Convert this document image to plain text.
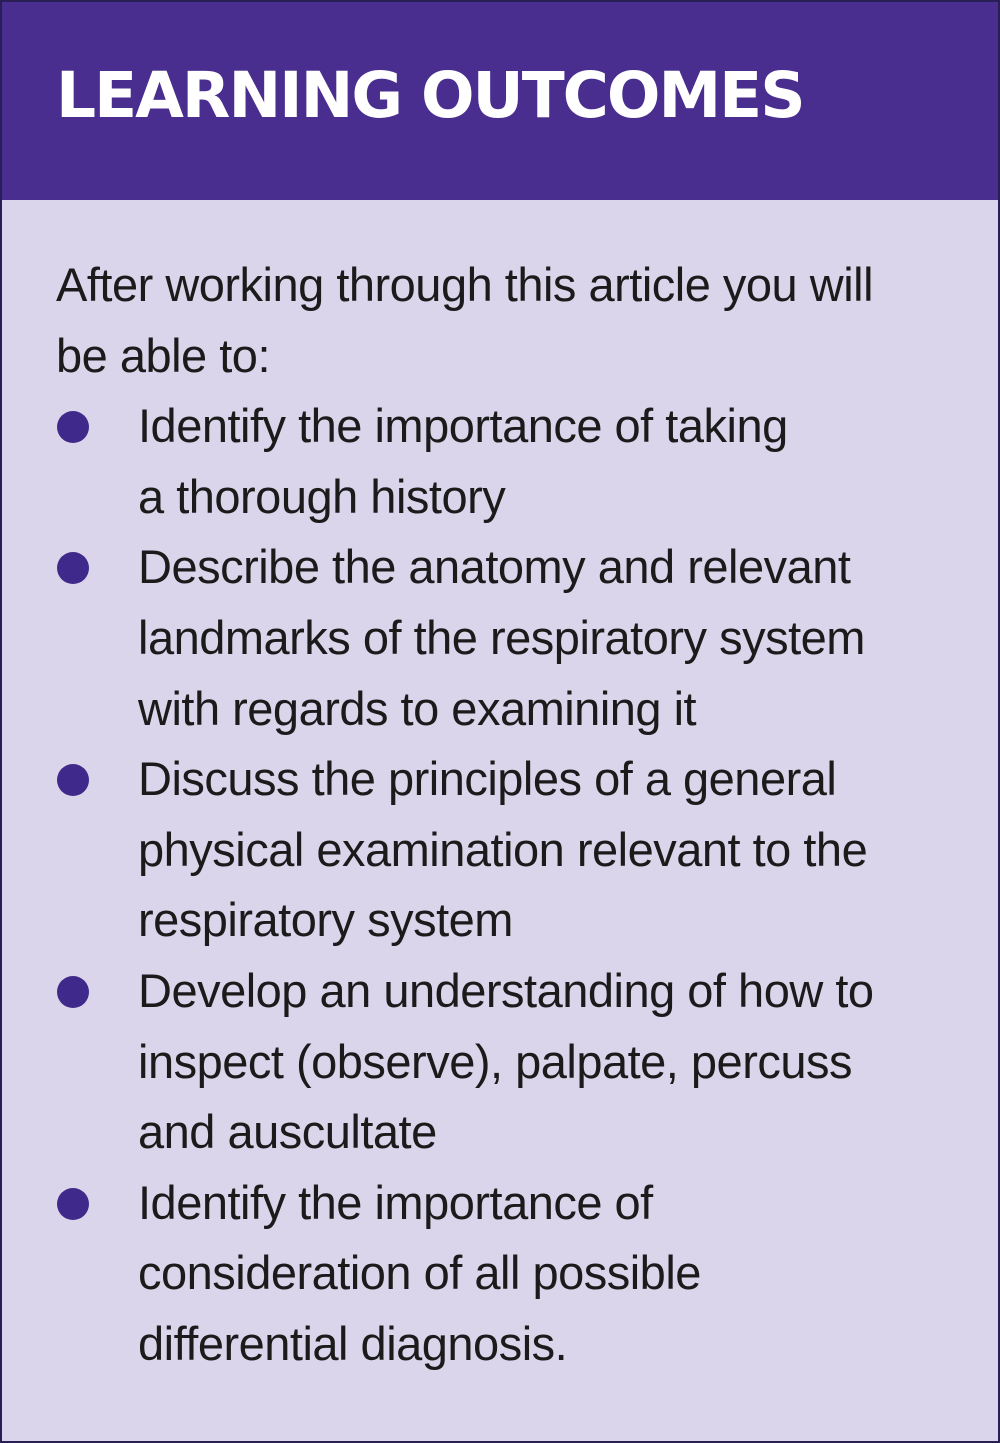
LEARNING OUTCOMES

After working through this article you will
be able to:

Identify the importance of taking
a thorough history
Describe the anatomy and relevant
landmarks of the respiratory system
with regards to examining it
Discuss the principles of a general
physical examination relevant to the
respiratory system
Develop an understanding of how to
inspect (observe), palpate, percuss
and auscultate
Identify the importance of
consideration of all possible
differential diagnosis.
